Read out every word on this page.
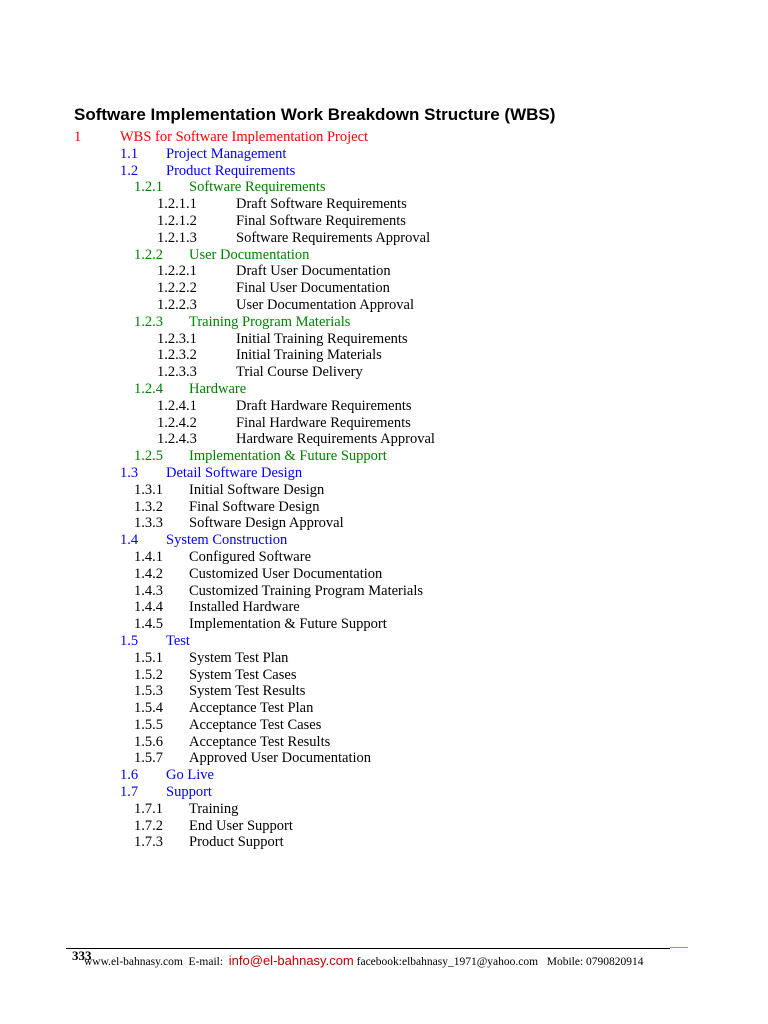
Software Implementation Work Breakdown Structure (WBS)
1	WBS for Software Implementation Project
1.1 Project Management
1.2 Product Requirements
1.2.1 Software Requirements
1.2.1.1	Draft Software Requirements
1.2.1.2	Final Software Requirements
1.2.1.3	Software Requirements Approval
1.2.2 User Documentation
1.2.2.1	Draft User Documentation
1.2.2.2	Final User Documentation
1.2.2.3	User Documentation Approval
1.2.3 Training Program Materials
1.2.3.1	Initial Training Requirements
1.2.3.2	Initial Training Materials
1.2.3.3	Trial Course Delivery
1.2.4 Hardware
1.2.4.1	Draft Hardware Requirements
1.2.4.2	Final Hardware Requirements
1.2.4.3	Hardware Requirements Approval
1.2.5 Implementation & Future Support
1.3 Detail Software Design
1.3.1 Initial Software Design
1.3.2 Final Software Design
1.3.3 Software Design Approval
1.4 System Construction
1.4.1 Configured Software
1.4.2 Customized User Documentation
1.4.3 Customized Training Program Materials
1.4.4 Installed Hardware
1.4.5 Implementation & Future Support
1.5 Test
1.5.1 System Test Plan
1.5.2 System Test Cases
1.5.3 System Test Results
1.5.4 Acceptance Test Plan
1.5.5 Acceptance Test Cases
1.5.6 Acceptance Test Results
1.5.7 Approved User Documentation
1.6 Go Live
1.7 Support
1.7.1 Training
1.7.2 End User Support
1.7.3 Product Support
333
www.el-bahnasy.com E-mail: info@el-bahnasy.com facebook:elbahnasy_1971@yahoo.com Mobile: 0790820914
